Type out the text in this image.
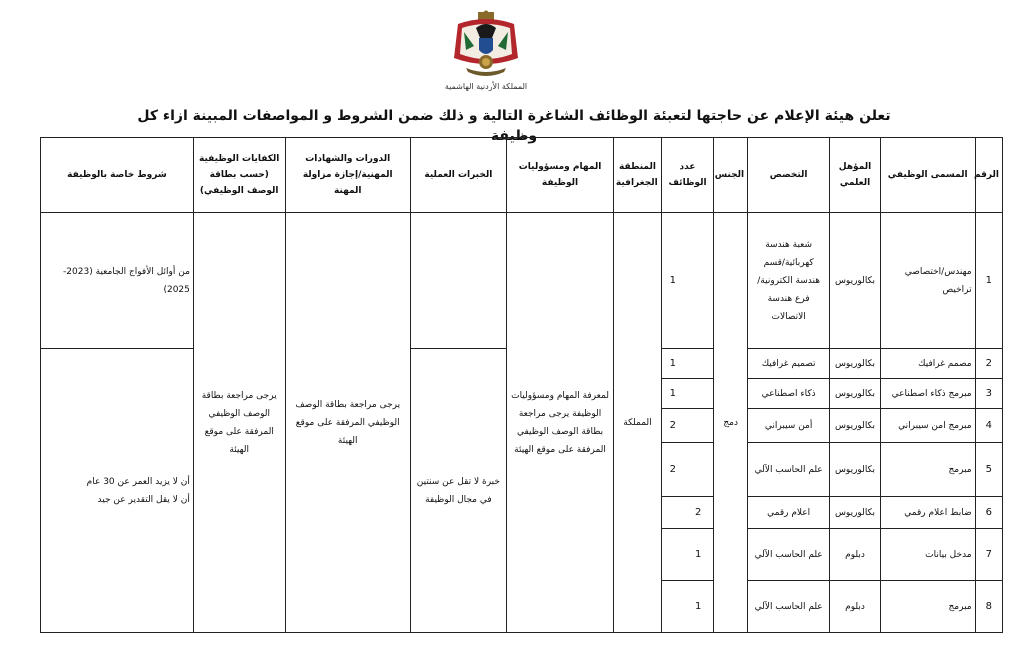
المملكة الأردنية الهاشمية
تعلن هيئة الإعلام عن حاجتها لتعبئة الوظائف الشاغرة التالية و ذلك ضمن الشروط و المواصفات المبينة ازاء كل وظيفة
الرقم	المسمى الوظيفي	المؤهل العلمي	التخصص	الجنس	عدد الوظائف	المنطقة الجغرافية	المهام ومسؤوليات الوظيفة	الخبرات العملية	الدورات والشهادات المهنية/إجازة مزاولة المهنة	الكفايات الوظيفية (حسب بطاقة الوصف الوظيفي)	شروط خاصة بالوظيفة
1	مهندس/اختصاصي تراخيص	بكالوريوس	شعبة هندسة كهربائية/قسم هندسة الكترونية/فرع هندسة الاتصالات	دمج	1	المملكة	لمعرفة المهام ومسؤوليات الوظيفة يرجى مراجعة بطاقة الوصف الوظيفي المرفقة على موقع الهيئة		يرجى مراجعة بطاقة الوصف الوظيفي المرفقة على موقع الهيئة	يرجى مراجعة بطاقة الوصف الوظيفي المرفقة على موقع الهيئة	من أوائل الأفواج الجامعية (2023-2025)
2	مصمم غرافيك	بكالوريوس	تصميم غرافيك		1			خبرة لا تقل عن سنتين في مجال الوظيفة			أن لا يزيد العمر عن 30 عام
أن لا يقل التقدير عن جيد

3	مبرمج ذكاء اصطناعي	بكالوريوس	ذكاء اصطناعي		1						
4	مبرمج امن سيبراني	بكالوريوس	أمن سيبراني		2						
5	مبرمج	بكالوريوس	علم الحاسب الآلي		2						
6	ضابط اعلام رقمي	بكالوريوس	اعلام رقمي		2						
7	مدخل بيانات	دبلوم	علم الحاسب الآلي		1						
8	مبرمج	دبلوم	علم الحاسب الآلي		1						
